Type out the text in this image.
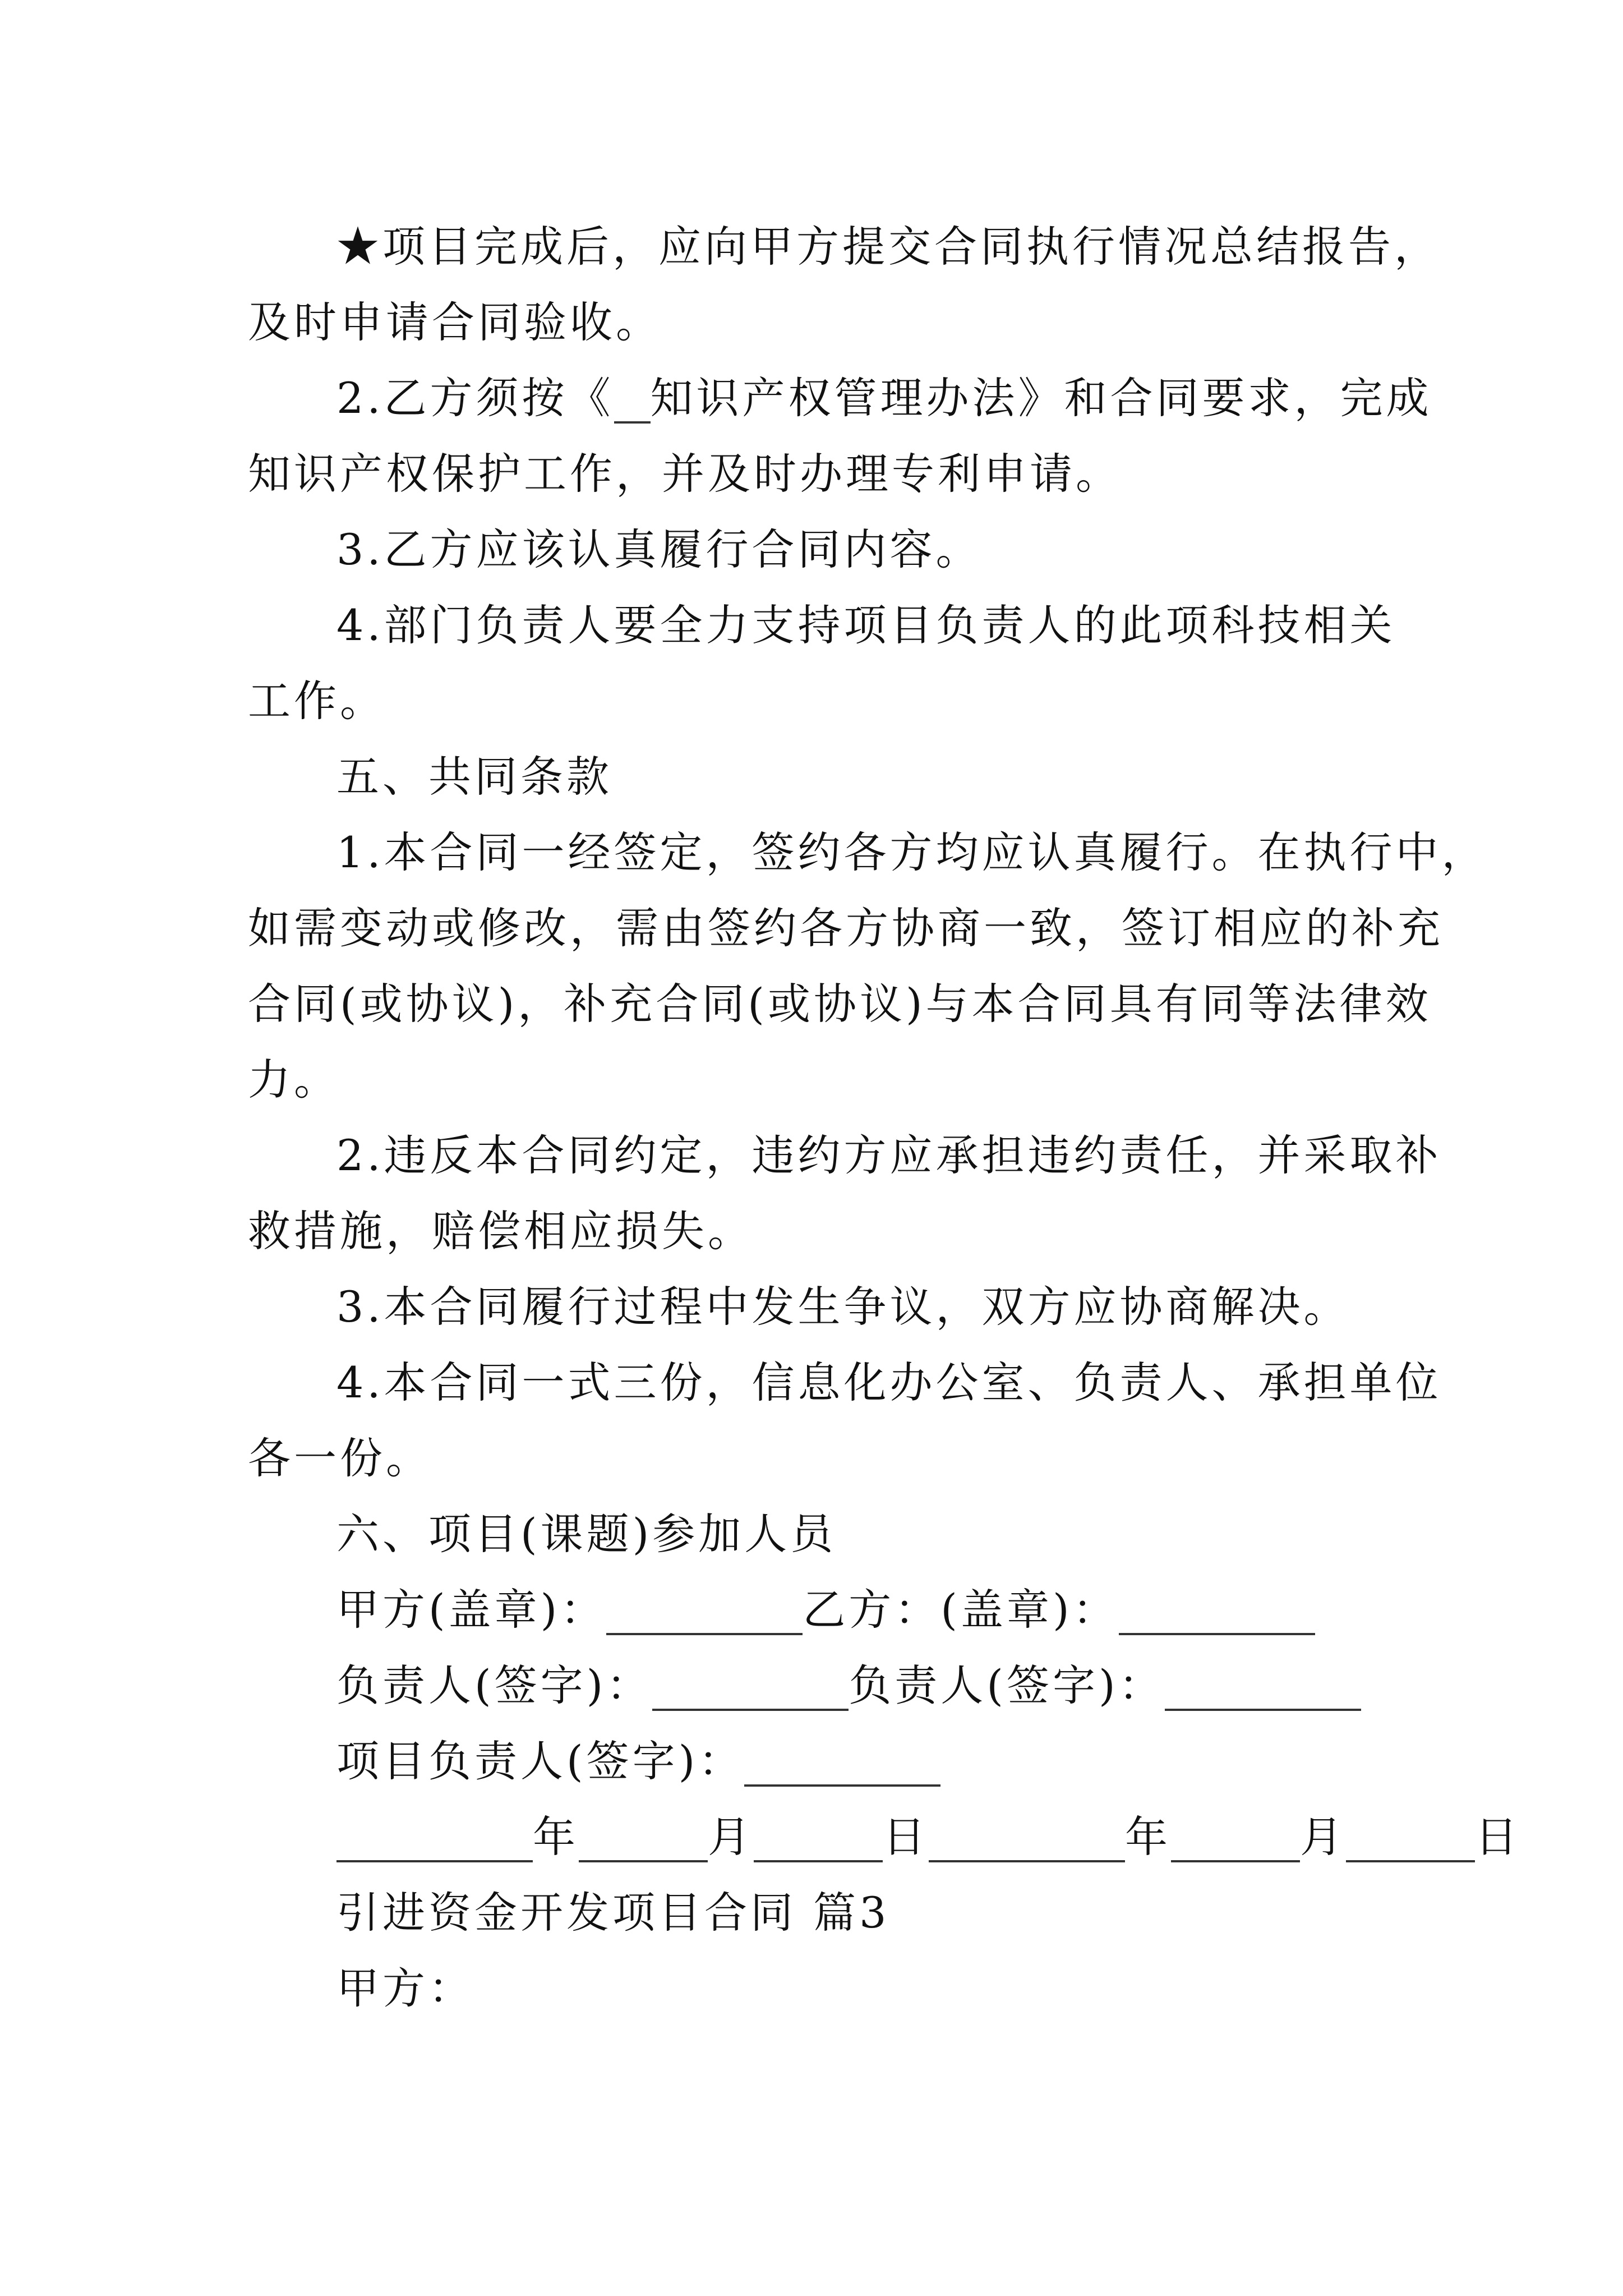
★项目完成后，应向甲方提交合同执行情况总结报告，
及时申请合同验收。
2.乙方须按《 知识产权管理办法》和合同要求，完成
知识产权保护工作，并及时办理专利申请。
3.乙方应该认真履行合同内容。
4.部门负责人要全力支持项目负责人的此项科技相关
工作。
五、共同条款
1.本合同一经签定，签约各方均应认真履行。在执行中，
如需变动或修改，需由签约各方协商一致，签订相应的补充
合同(或协议)，补充合同(或协议)与本合同具有同等法律效
力。
2.违反本合同约定，违约方应承担违约责任，并采取补
救措施，赔偿相应损失。
3.本合同履行过程中发生争议，双方应协商解决。
4.本合同一式三份，信息化办公室、负责人、承担单位
各一份。
六、项目(课题)参加人员
甲方(盖章)：	乙方：(盖章)：
负责人(签字)：	负责人(签字)：
项目负责人(签字)：
年	月	日	年	月	日
引进资金开发项目合同 篇3
甲方：
